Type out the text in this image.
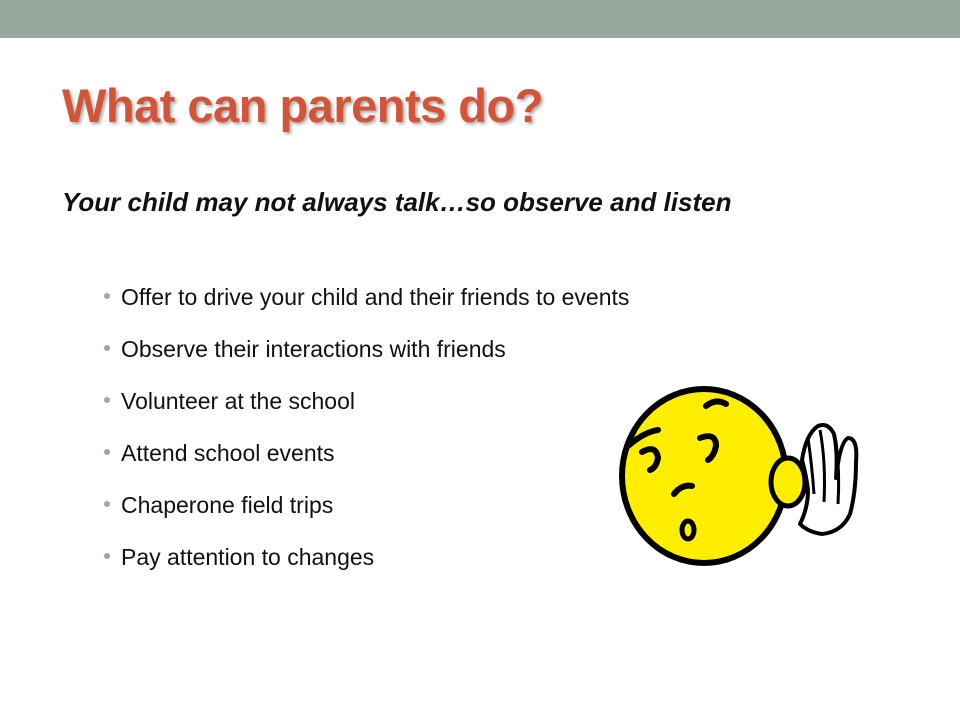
What can parents do?

Your child may not always talk…so observe and listen

Offer to drive your child and their friends to events
Observe their interactions with friends
Volunteer at the school
Attend school events
Chaperone field trips
Pay attention to changes
